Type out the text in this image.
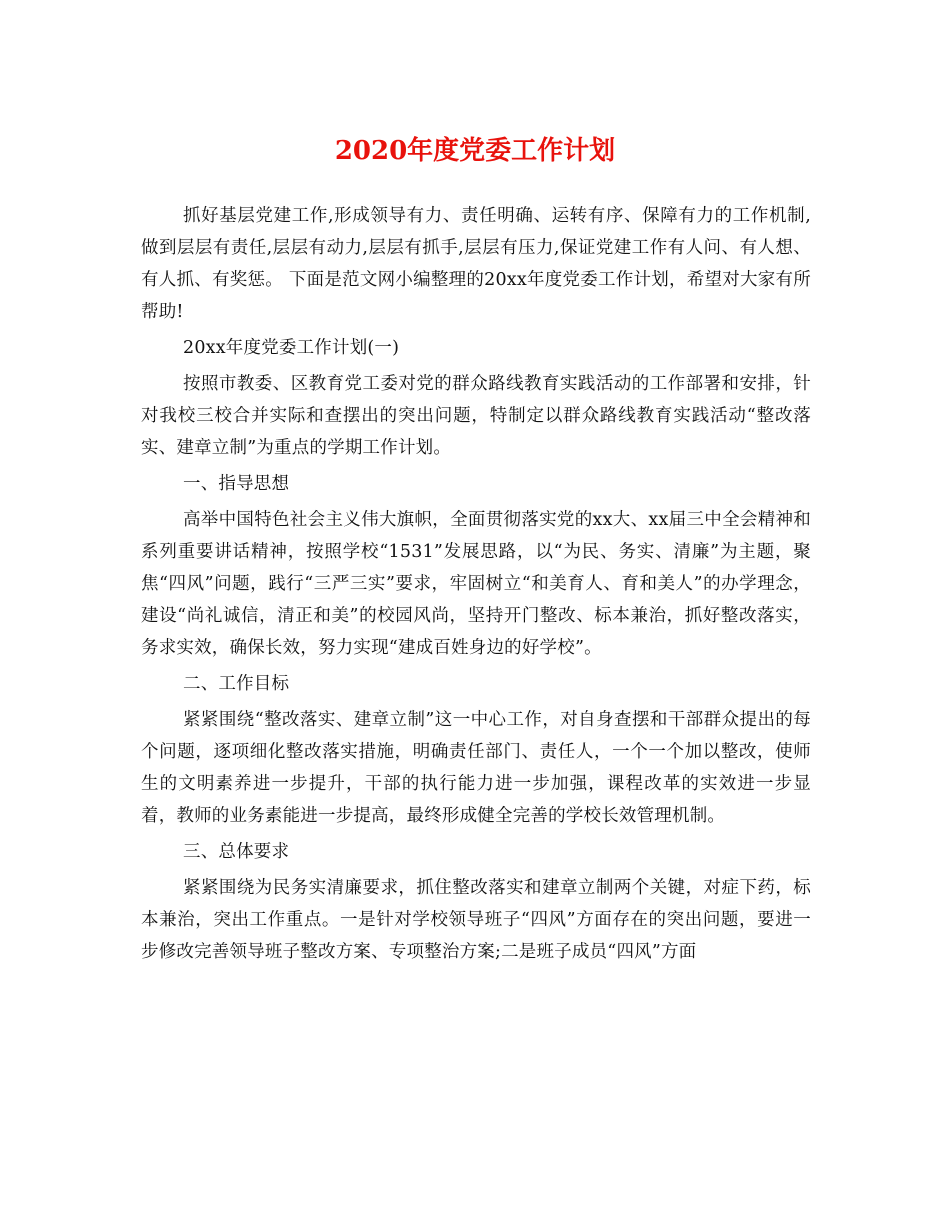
2020年度党委工作计划

抓好基层党建工作,形成领导有力、责任明确、运转有序、保障有力的工作机制,做到层层有责任,层层有动力,层层有抓手,层层有压力,保证党建工作有人问、有人想、有人抓、有奖惩。 下面是范文网小编整理的20xx年度党委工作计划，希望对大家有所帮助!

20xx年度党委工作计划(一)

按照市教委、区教育党工委对党的群众路线教育实践活动的工作部署和安排，针对我校三校合并实际和查摆出的突出问题，特制定以群众路线教育实践活动“整改落实、建章立制”为重点的学期工作计划。

一、指导思想

高举中国特色社会主义伟大旗帜，全面贯彻落实党的xx大、xx届三中全会精神和系列重要讲话精神，按照学校“1531”发展思路，以“为民、务实、清廉”为主题，聚焦“四风”问题，践行“三严三实”要求，牢固树立“和美育人、育和美人”的办学理念，建设“尚礼诚信，清正和美”的校园风尚，坚持开门整改、标本兼治，抓好整改落实，务求实效，确保长效，努力实现“建成百姓身边的好学校”。

二、工作目标

紧紧围绕“整改落实、建章立制”这一中心工作，对自身查摆和干部群众提出的每个问题，逐项细化整改落实措施，明确责任部门、责任人，一个一个加以整改，使师生的文明素养进一步提升，干部的执行能力进一步加强，课程改革的实效进一步显着，教师的业务素能进一步提高，最终形成健全完善的学校长效管理机制。

三、总体要求

紧紧围绕为民务实清廉要求，抓住整改落实和建章立制两个关键，对症下药，标本兼治，突出工作重点。一是针对学校领导班子“四风”方面存在的突出问题，要进一步修改完善领导班子整改方案、专项整治方案;二是班子成员“四风”方面
